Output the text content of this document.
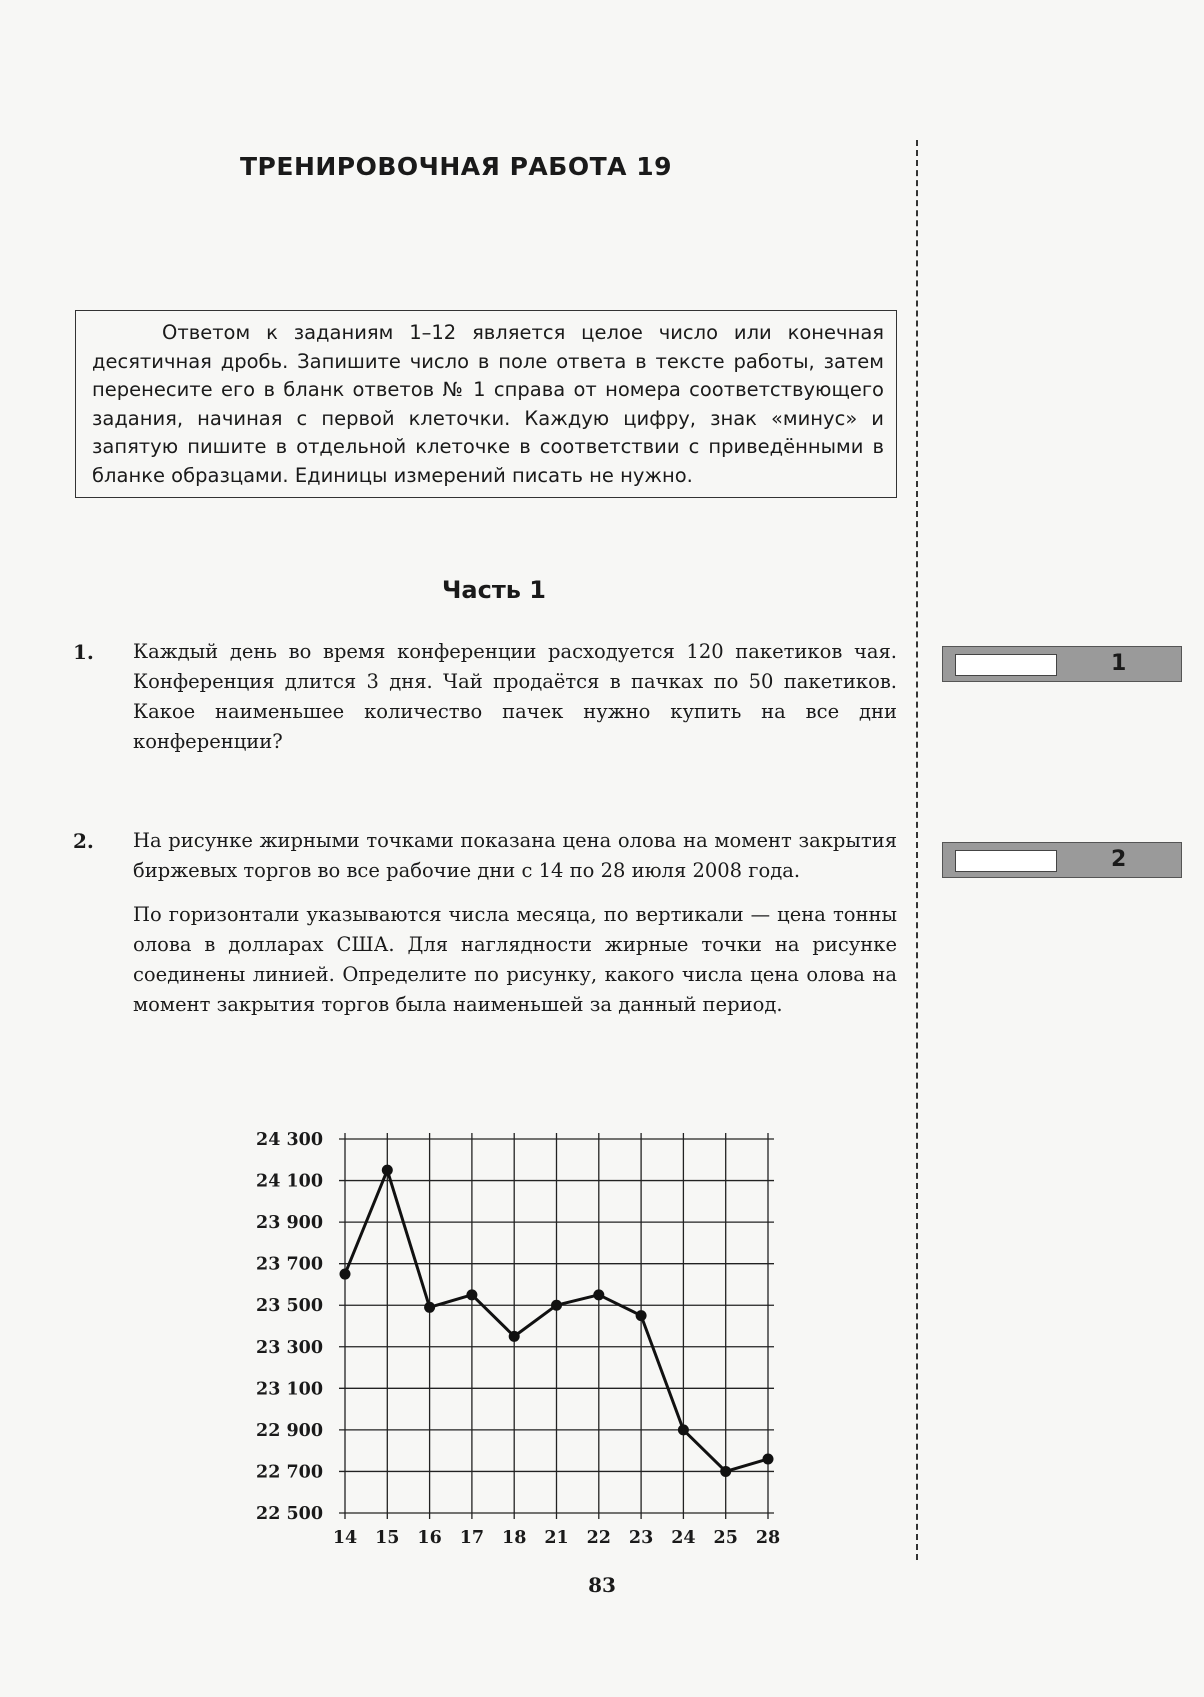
ТРЕНИРОВОЧНАЯ РАБОТА 19

Ответом к заданиям 1–12 является целое число или конечная десятичная дробь. Запишите число в поле ответа в тексте работы, затем перенесите его в бланк ответов № 1 справа от номера соответствующего задания, начиная с первой клеточки. Каждую цифру, знак «минус» и запятую пишите в отдельной клеточке в соответствии с приведёнными в бланке образцами. Единицы измерений писать не нужно.

Часть 1
1. Каждый день во время конференции расходуется 120 пакетиков чая. Конференция длится 3 дня. Чай продаётся в пачках по 50 пакетиков. Какое наименьшее количество пачек нужно купить на все дни конференции?

2. На рисунке жирными точками показана цена олова на момент закрытия биржевых торгов во все рабочие дни с 14 по 28 июля 2008 года.

По горизонтали указываются числа месяца, по вертикали — цена тонны олова в долларах США. Для наглядности жирные точки на рисунке соединены линией. Определите по рисунку, какого числа цена олова на момент закрытия торгов была наименьшей за данный период.

1
2
22 500
22 700
22 900
23 100
23 300
23 500
23 700
23 900
24 100
24 300
14 15 16 17 18 21 22 23 24 25 28
83
